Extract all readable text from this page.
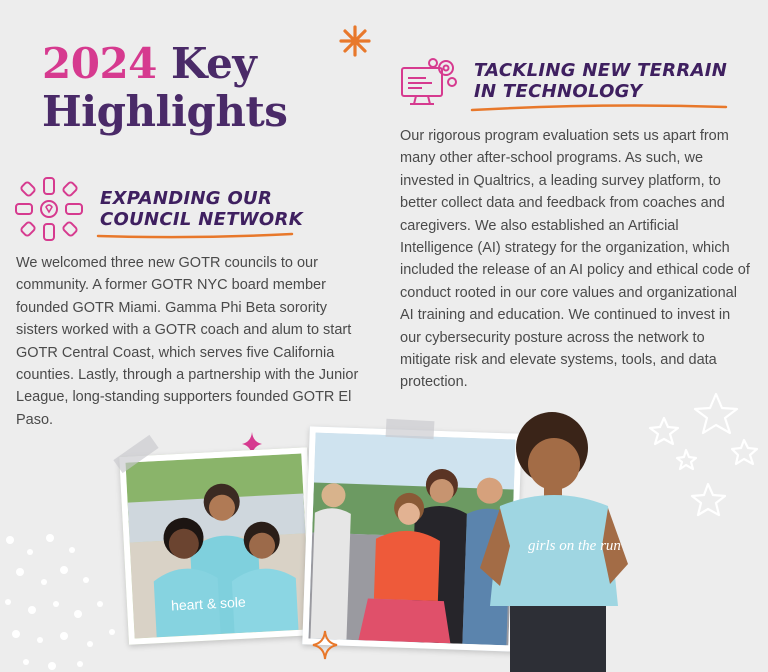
2024 Key
Highlights
TACKLING NEW TERRAIN
IN TECHNOLOGY

Our rigorous program evaluation sets us apart from many other after-school programs. As such, we invested in Qualtrics, a leading survey platform, to better collect data and feedback from coaches and caregivers. We also established an Artificial Intelligence (AI) strategy for the organization, which included the release of an AI policy and ethical code of conduct rooted in our core values and organizational AI training and education. We continued to invest in our cybersecurity posture across the network to mitigate risk and elevate systems, tools, and data protection.

EXPANDING OUR
COUNCIL NETWORK

We welcomed three new GOTR councils to our community. A former GOTR NYC board member founded GOTR Miami. Gamma Phi Beta sorority sisters worked with a GOTR coach and alum to start GOTR Central Coast, which serves five California counties. Lastly, through a partnership with the Junior League, long-standing supporters founded GOTR El Paso.

heart & sole
girls on the run
